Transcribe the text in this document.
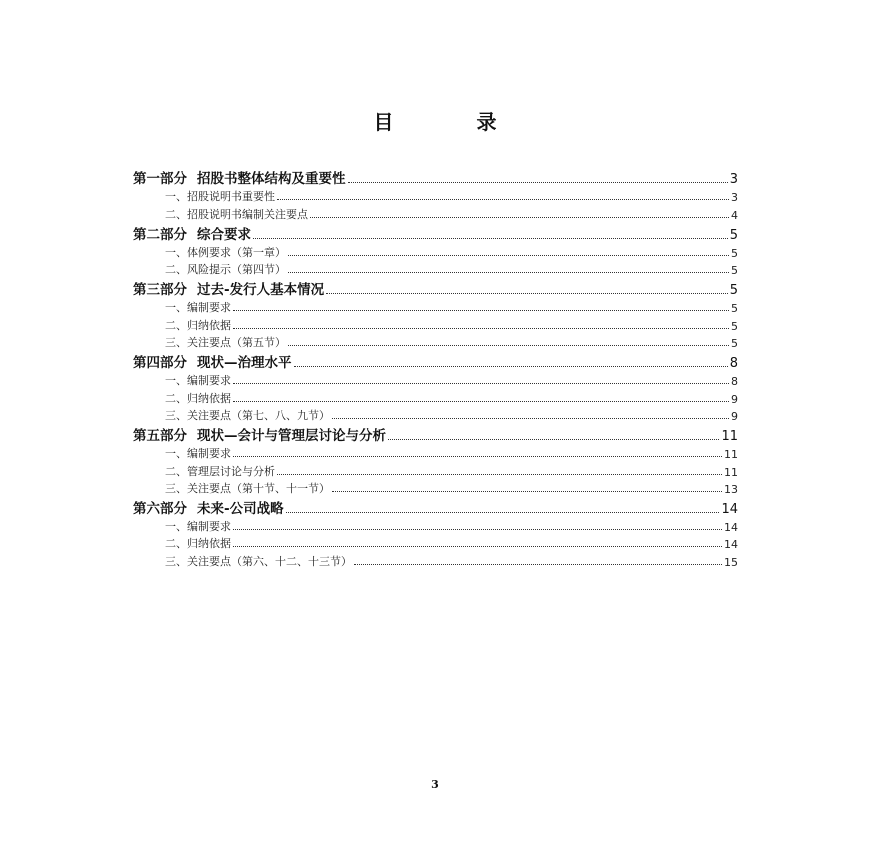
目 录
第一部分 招股书整体结构及重要性	3
一、招股说明书重要性	3
二、招股说明书编制关注要点	4
第二部分 综合要求	5
一、体例要求（第一章）	5
二、风险提示（第四节）	5
第三部分 过去-发行人基本情况	5
一、编制要求	5
二、归纳依据	5
三、关注要点（第五节）	5
第四部分 现状—治理水平	8
一、编制要求	8
二、归纳依据	9
三、关注要点（第七、八、九节）	9
第五部分 现状—会计与管理层讨论与分析	11
一、编制要求	11
二、管理层讨论与分析	11
三、关注要点（第十节、十一节）	13
第六部分 未来-公司战略	14
一、编制要求	14
二、归纳依据	14
三、关注要点（第六、十二、十三节）	15
3
